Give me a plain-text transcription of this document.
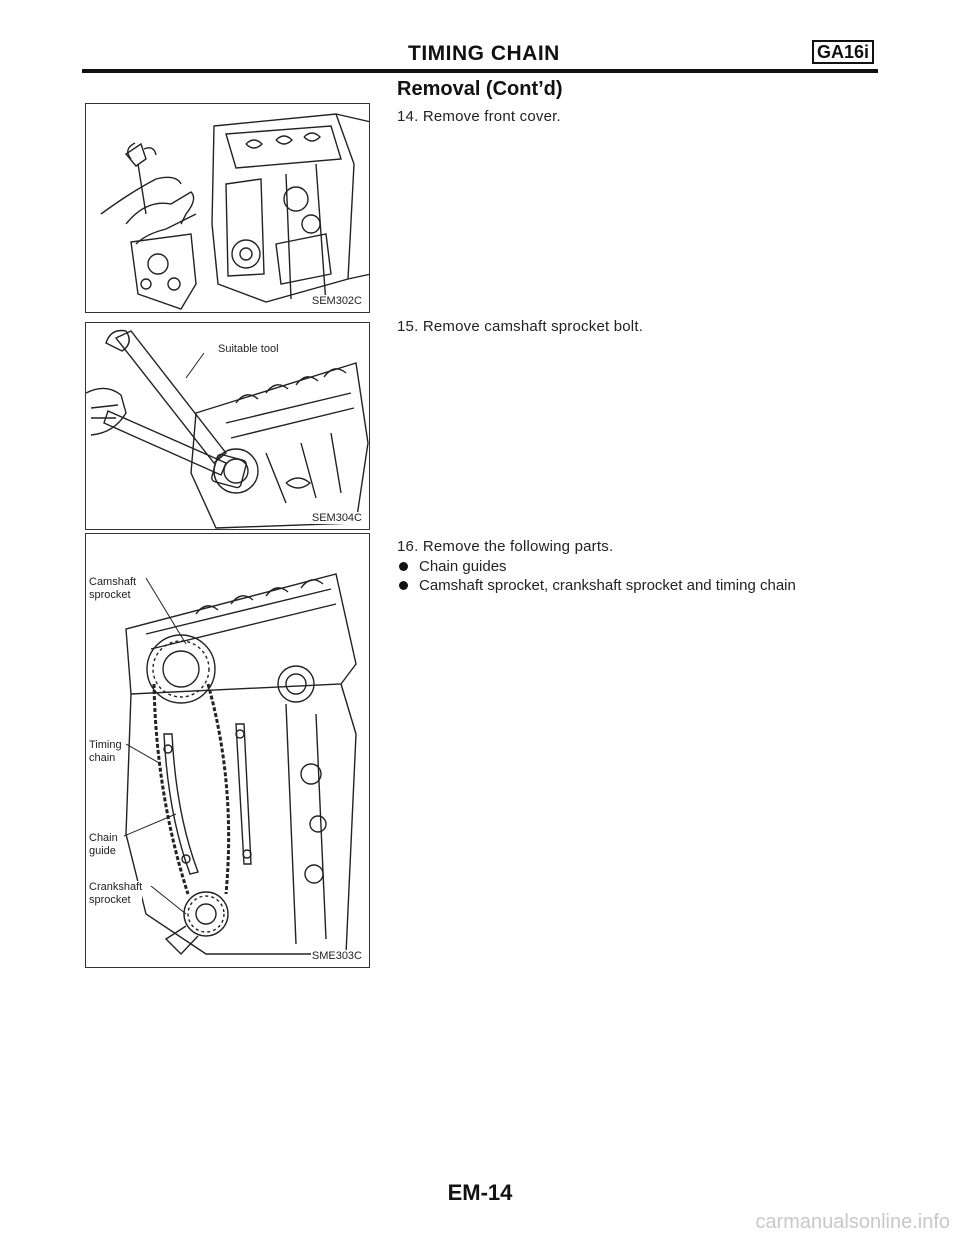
TIMING CHAIN	GA16i
Removal (Cont’d)
14. Remove front cover.
15. Remove camshaft sprocket bolt.
16. Remove the following parts.
Chain guides
Camshaft sprocket, crankshaft sprocket and timing chain
SEM302C
Suitable tool
SEM304C
Camshaft
sprocket
Timing
chain
Chain
guide
Crankshaft
sprocket
SME303C
EM-14
carmanualsonline.info
